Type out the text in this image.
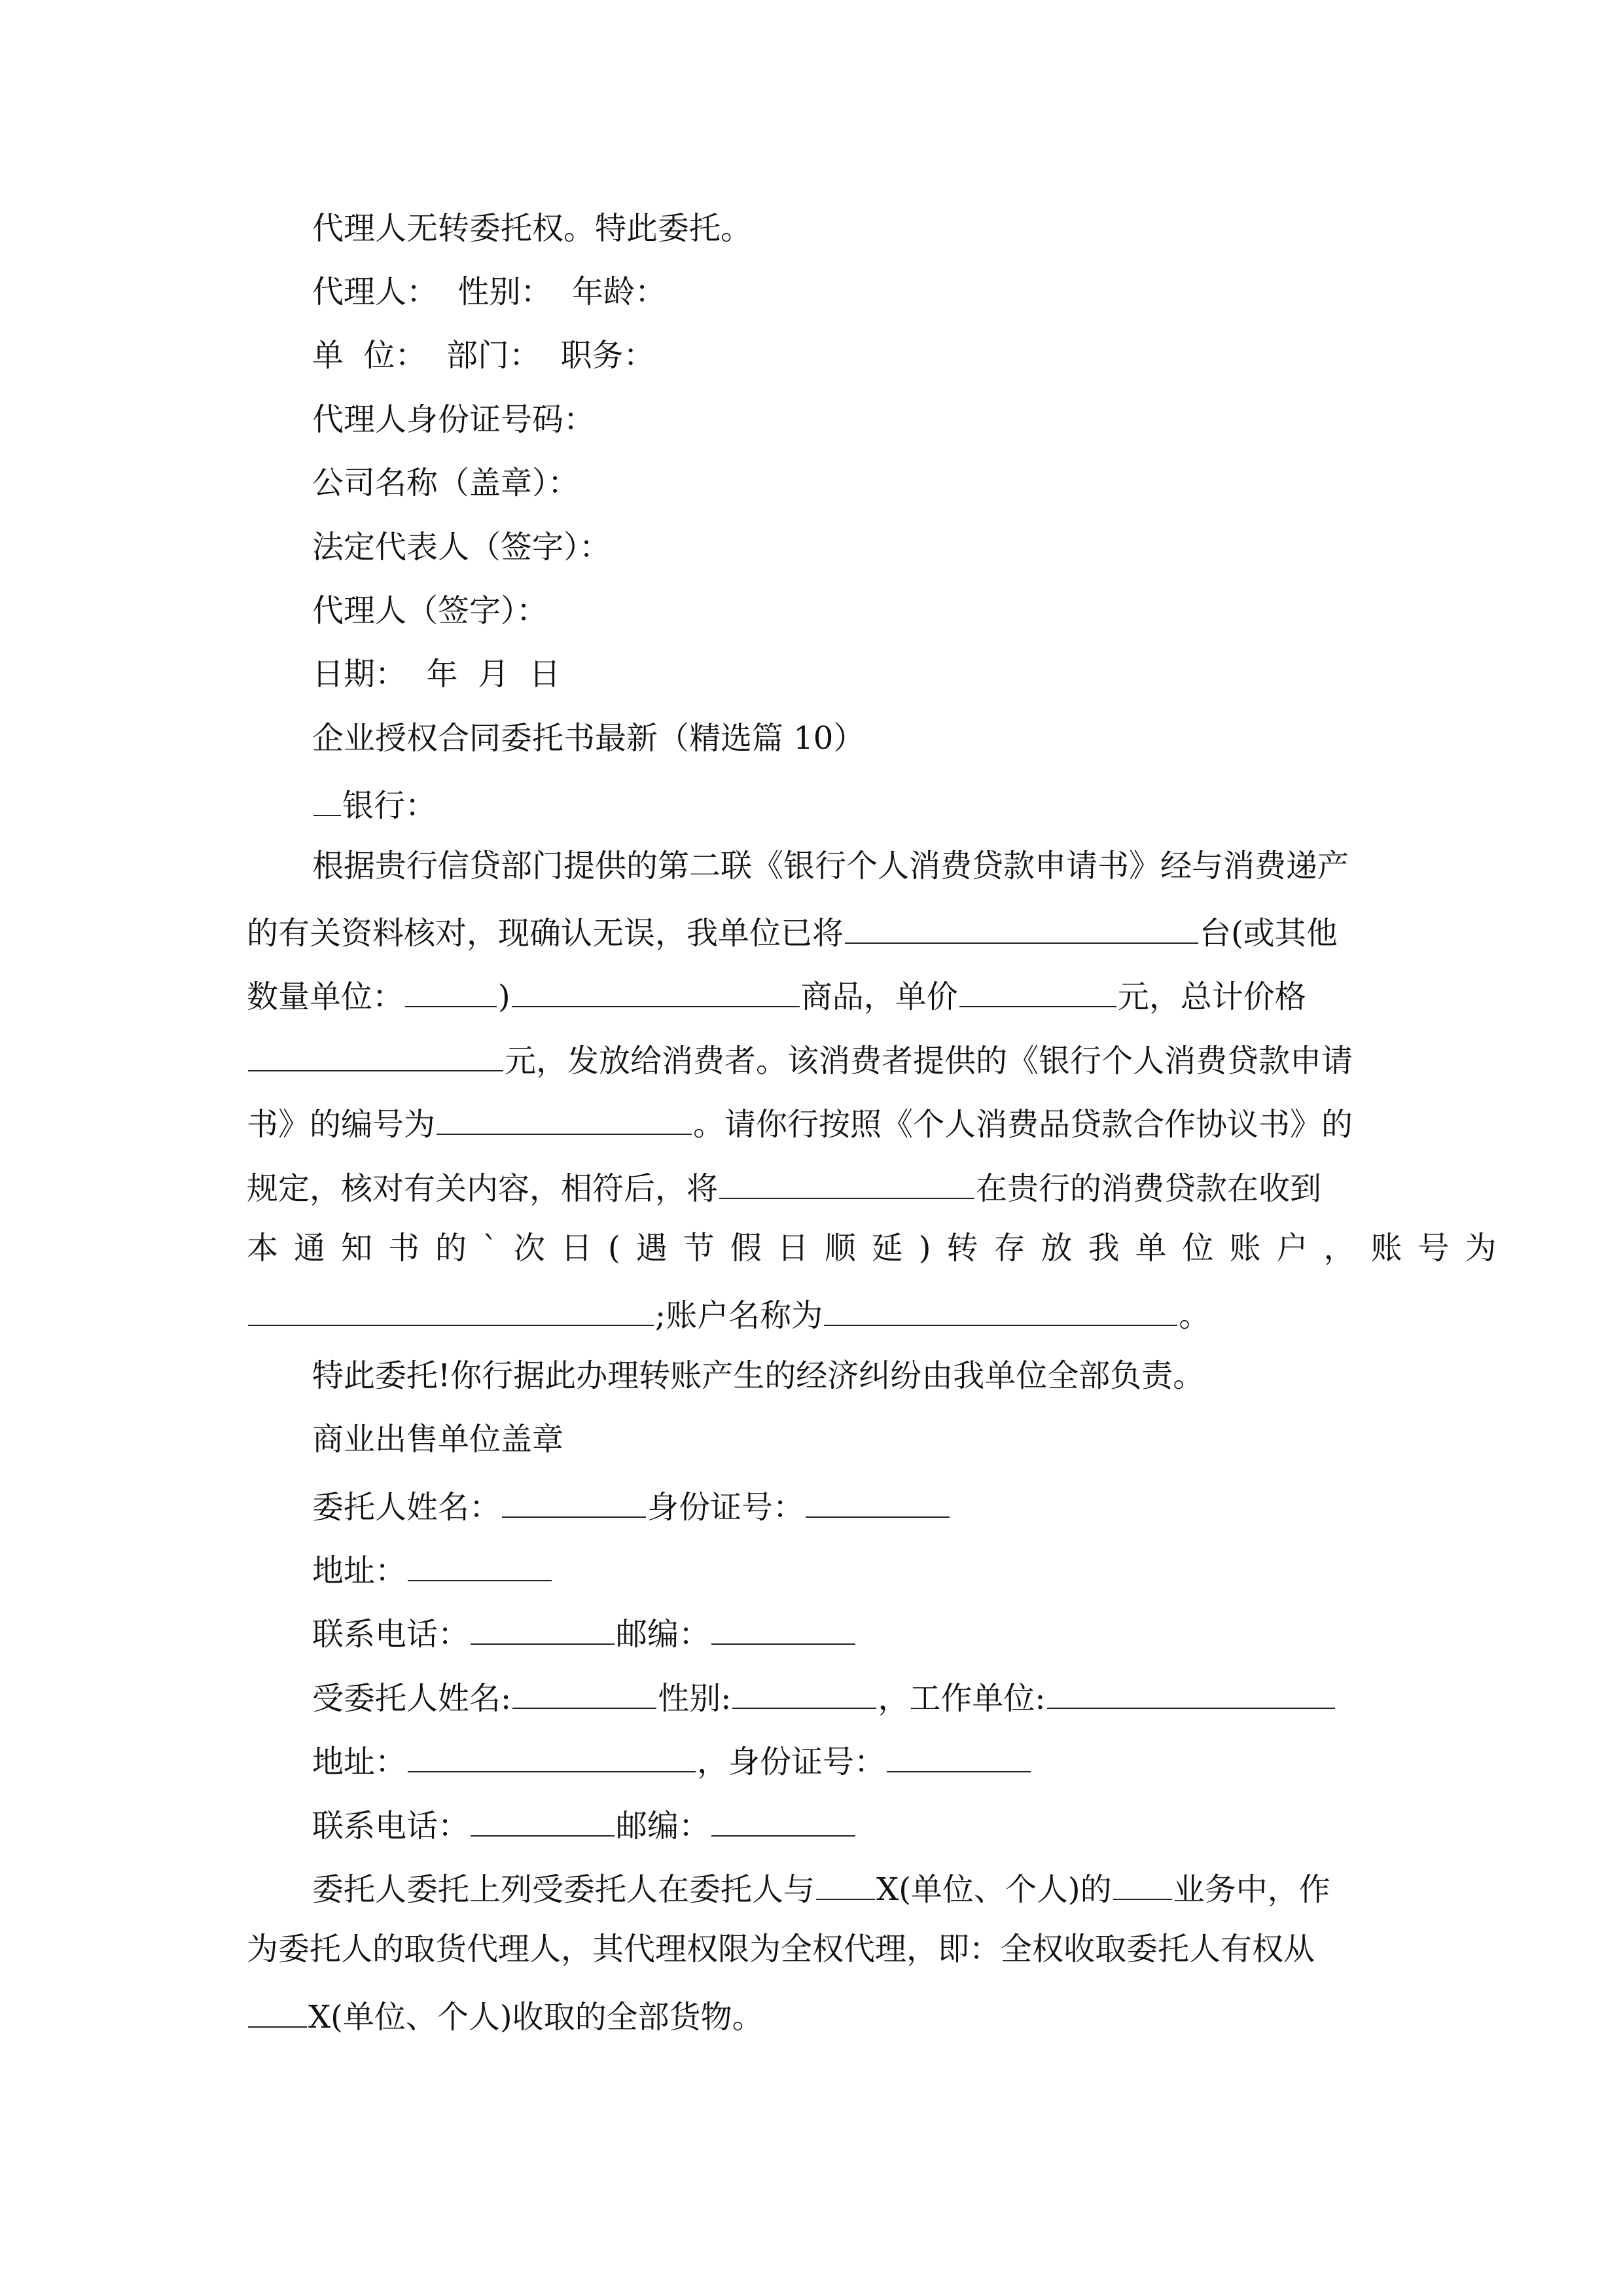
代理人无转委托权。特此委托。
代理人：  性别：  年龄：
单  位：  部门：  职务：
代理人身份证号码：
公司名称（盖章）：
法定代表人（签字）：
代理人（签字）：
日期：  年  月  日
企业授权合同委托书最新（精选篇 10）
银行：
根据贵行信贷部门提供的第二联《银行个人消费贷款申请书》经与消费递产
的有关资料核对，现确认无误，我单位已将	台(或其他
数量单位：	)	商品，单价	元，总计价格
元，发放给消费者。该消费者提供的《银行个人消费贷款申请
书》的编号为	。请你行按照《个人消费品贷款合作协议书》的
规定，核对有关内容，相符后，将	在贵行的消费贷款在收到
本通知书的`次日(遇节假日顺延)转存放我单位账户，账号为
;账户名称为	。
特此委托!你行据此办理转账产生的经济纠纷由我单位全部负责。
商业出售单位盖章
委托人姓名：	身份证号：
地址：
联系电话：	邮编：
受委托人姓名:	性别:	，工作单位:
地址：	，身份证号：
联系电话：	邮编：
委托人委托上列受委托人在委托人与 X(单位、个人)的 业务中，作
为委托人的取货代理人，其代理权限为全权代理，即：全权收取委托人有权从
X(单位、个人)收取的全部货物。
